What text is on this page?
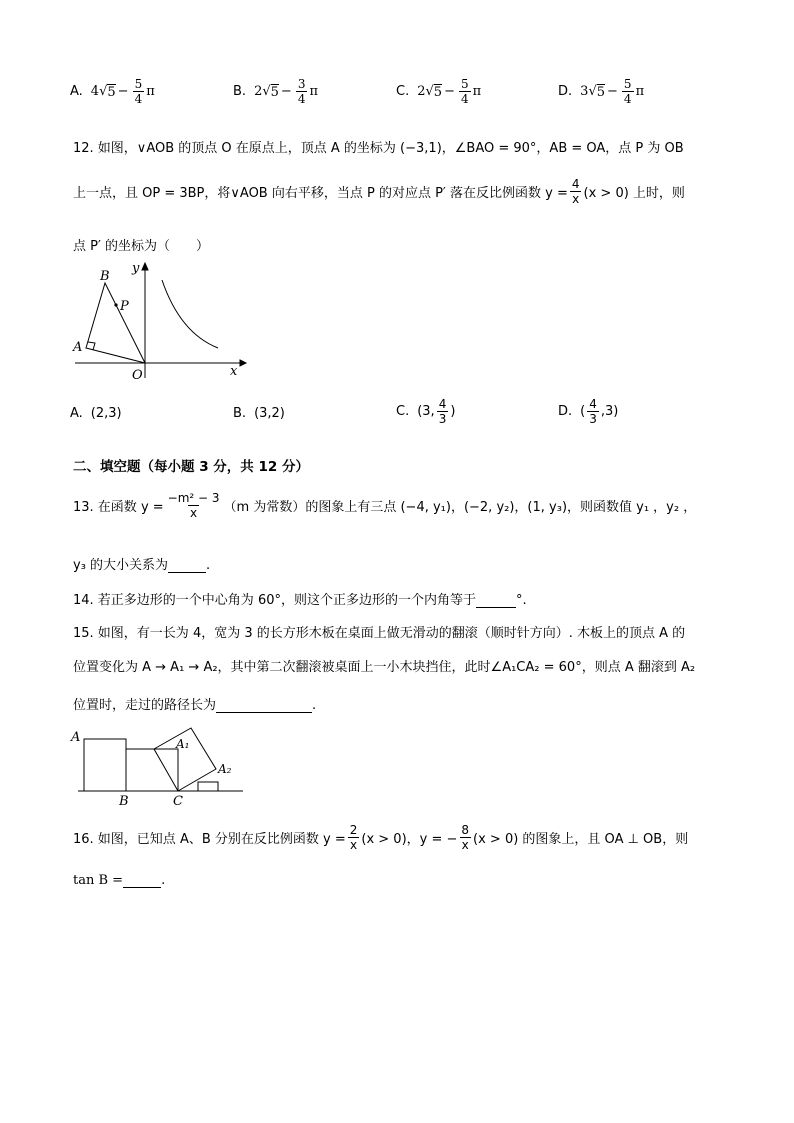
A. 4 √ $5 - \frac{5}{4}$ π	B. 2 √ $5 - \frac{3}{4}$ π	C. 2 √ $5 - \frac{5}{4}$ π	D. 3 √ $5 - \frac{5}{4}$ π
12. 如图，∨AOB 的顶点 O 在原点上，顶点 A 的坐标为 (−3,1)，∠BAO = 90°，AB = OA，点 P 为 OB
上一点，且 OP = 3BP，将∨AOB 向右平移，当点 P 的对应点 P′ 落在反比例函数 $y = \frac{4}{x} (x > 0)$ 上时，则
点 P′ 的坐标为（　　）
B
P
A
O	x
y
A. (2,3)	B. (3,2)	C. (3, $\frac{4}{3}$ )	D. ( $\frac{4}{3} ,3$)
二、填空题（每小题 3 分，共 12 分）
13. 在函数 $y = \frac{\text{−m² − 3}}{x} (m$ 为常数）的图象上有三点 (−4, y₁)，(−2, y₂)，(1, y₃)，则函数值 y₁ ，y₂ ，
y₃ 的大小关系为	.
14. 若正多边形的一个中心角为 60°，则这个正多边形的一个内角等于	°.
15. 如图，有一长为 4，宽为 3 的长方形木板在桌面上做无滑动的翻滚（顺时针方向）. 木板上的顶点 A 的
位置变化为 A → A₁ → A₂，其中第二次翻滚被桌面上一小木块挡住，此时∠A₁CA₂ = 60°，则点 A 翻滚到 A₂
位置时，走过的路径长为	.
A	A₁
A₂
B	C
16. 如图，已知点 A、B 分别在反比例函数 $y = \frac{2}{x} (x > 0)$，y = − $\frac{8}{x} (x > 0)$ 的图象上，且 OA ⊥ OB，则
tan B =	.
